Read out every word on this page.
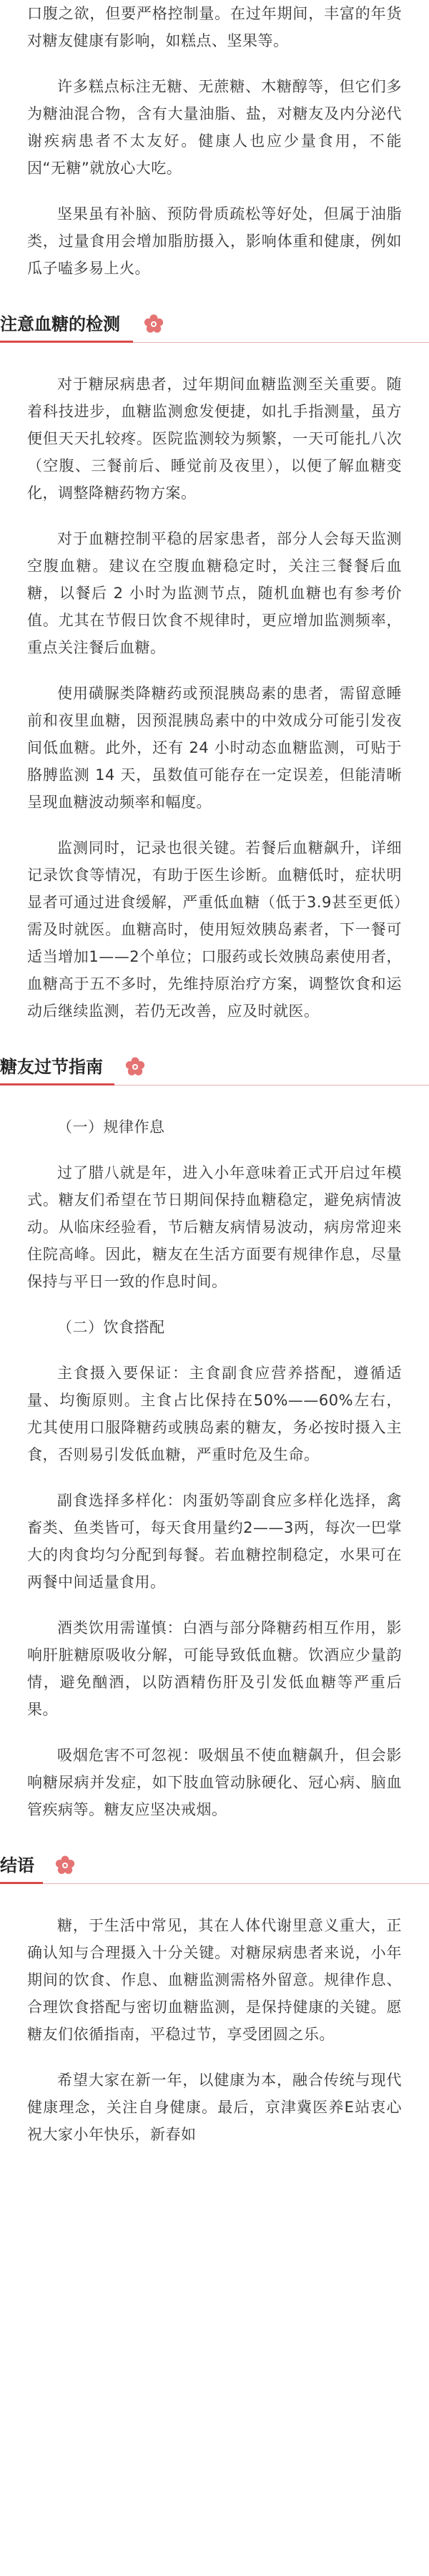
口腹之欲，但要严格控制量。在过年期间，丰富的年货对糖友健康有影响，如糕点、坚果等。

许多糕点标注无糖、无蔗糖、木糖醇等，但它们多为糖油混合物，含有大量油脂、盐，对糖友及内分泌代谢疾病患者不太友好。健康人也应少量食用，不能因“无糖”就放心大吃。

坚果虽有补脑、预防骨质疏松等好处，但属于油脂类，过量食用会增加脂肪摄入，影响体重和健康，例如瓜子嗑多易上火。

注意血糖的检测

对于糖尿病患者，过年期间血糖监测至关重要。随着科技进步，血糖监测愈发便捷，如扎手指测量，虽方便但天天扎较疼。医院监测较为频繁，一天可能扎八次（空腹、三餐前后、睡觉前及夜里），以便了解血糖变化，调整降糖药物方案。

对于血糖控制平稳的居家患者，部分人会每天监测空腹血糖。建议在空腹血糖稳定时，关注三餐餐后血糖，以餐后 2 小时为监测节点，随机血糖也有参考价值。尤其在节假日饮食不规律时，更应增加监测频率，重点关注餐后血糖。

使用磺脲类降糖药或预混胰岛素的患者，需留意睡前和夜里血糖，因预混胰岛素中的中效成分可能引发夜间低血糖。此外，还有 24 小时动态血糖监测，可贴于胳膊监测 14 天，虽数值可能存在一定误差，但能清晰呈现血糖波动频率和幅度。

监测同时，记录也很关键。若餐后血糖飙升，详细记录饮食等情况，有助于医生诊断。血糖低时，症状明显者可通过进食缓解，严重低血糖（低于3.9甚至更低）需及时就医。血糖高时，使用短效胰岛素者，下一餐可适当增加1——2个单位；口服药或长效胰岛素使用者，血糖高于五不多时，先维持原治疗方案，调整饮食和运动后继续监测，若仍无改善，应及时就医。

糖友过节指南

（一）规律作息

过了腊八就是年，进入小年意味着正式开启过年模式。糖友们希望在节日期间保持血糖稳定，避免病情波动。从临床经验看，节后糖友病情易波动，病房常迎来住院高峰。因此，糖友在生活方面要有规律作息，尽量保持与平日一致的作息时间。

（二）饮食搭配

主食摄入要保证：主食副食应营养搭配，遵循适量、均衡原则。主食占比保持在50%——60%左右，尤其使用口服降糖药或胰岛素的糖友，务必按时摄入主食，否则易引发低血糖，严重时危及生命。

副食选择多样化：肉蛋奶等副食应多样化选择，禽畜类、鱼类皆可，每天食用量约2——3两，每次一巴掌大的肉食均匀分配到每餐。若血糖控制稳定，水果可在两餐中间适量食用。

酒类饮用需谨慎：白酒与部分降糖药相互作用，影响肝脏糖原吸收分解，可能导致低血糖。饮酒应少量韵情，避免酗酒，以防酒精伤肝及引发低血糖等严重后果。

吸烟危害不可忽视：吸烟虽不使血糖飙升，但会影响糖尿病并发症，如下肢血管动脉硬化、冠心病、脑血管疾病等。糖友应坚决戒烟。

结语

糖，于生活中常见，其在人体代谢里意义重大，正确认知与合理摄入十分关键。对糖尿病患者来说，小年期间的饮食、作息、血糖监测需格外留意。规律作息、合理饮食搭配与密切血糖监测，是保持健康的关键。愿糖友们依循指南，平稳过节，享受团圆之乐。

希望大家在新一年，以健康为本，融合传统与现代健康理念，关注自身健康。最后，京津冀医养E站衷心祝大家小年快乐，新春如
